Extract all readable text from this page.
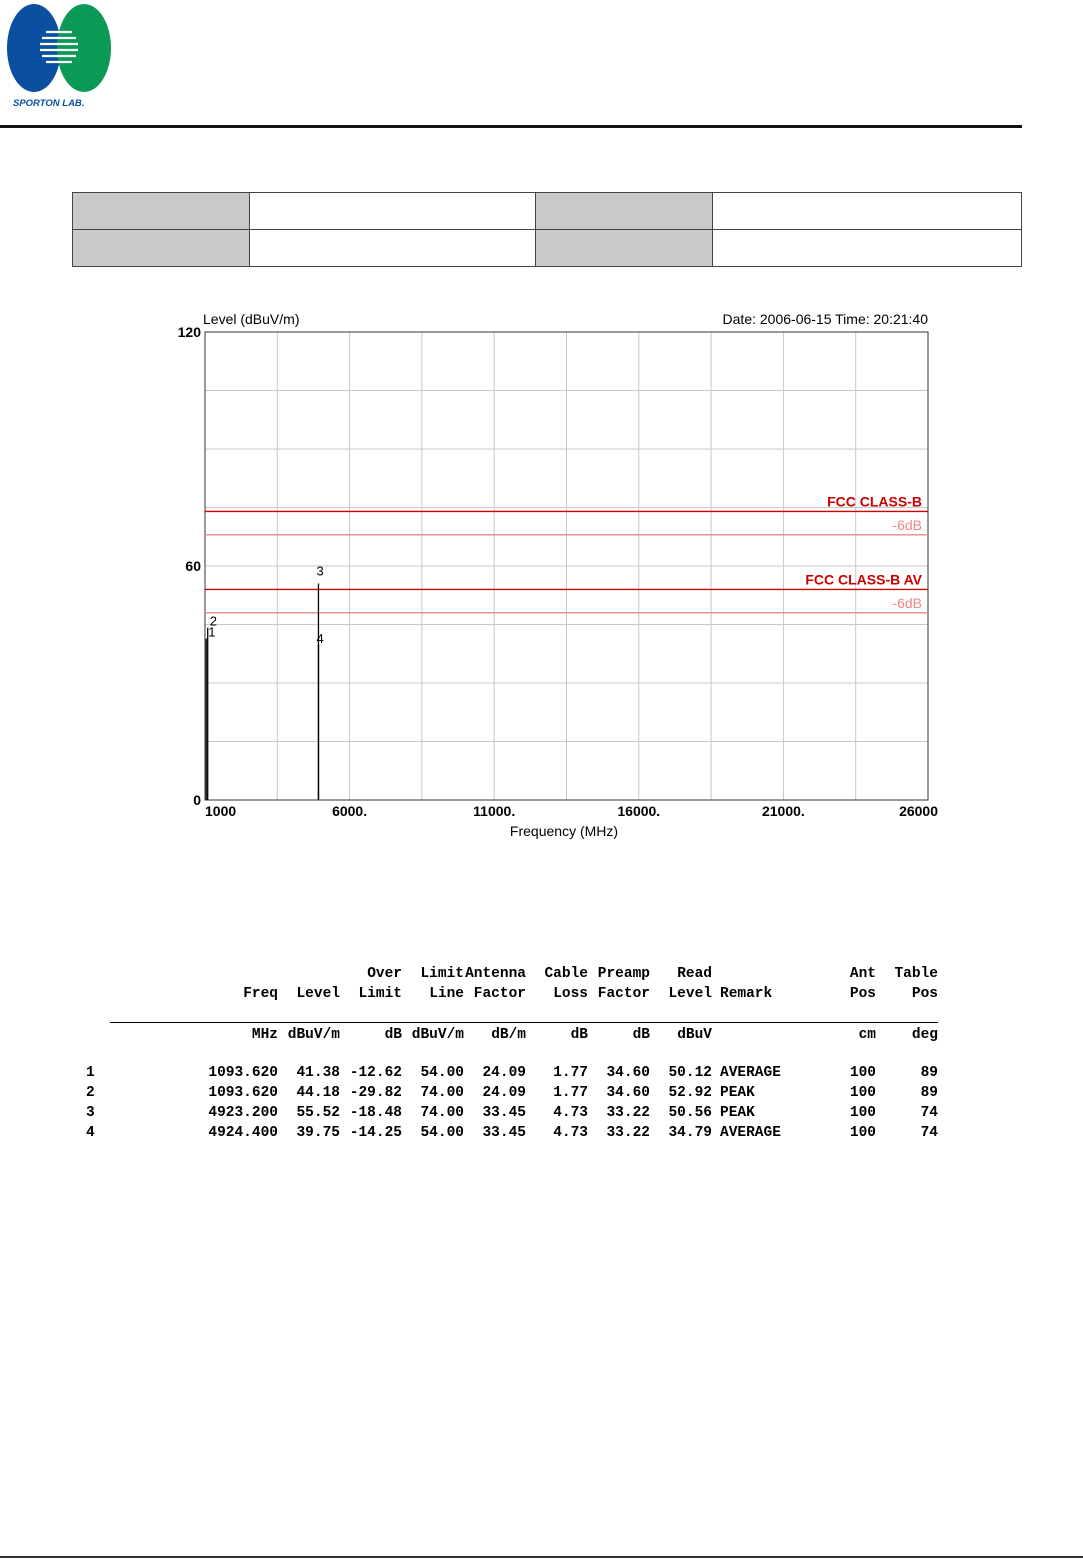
SPORTON LAB.

FCC CLASS-B
-6dB
FCC CLASS-B AV
-6dB
1
2
3
4
1000	6000.	11000.	16000.	21000.	26000
0
60
120
Level (dBuV/m)	Date: 2006-06-15 Time: 20:21:40
Frequency (MHz)
			Over	Limit	Antenna	Cable	Preamp	Read		Ant	Table
	Freq	Level	Limit	Line	Factor	Loss	Factor	Level	Remark	Pos	Pos

	MHz	dBuV/m	dB	dBuV/m	dB/m	dB	dB	dBuV		cm	deg

1	1093.620	41.38	-12.62	54.00	24.09	1.77	34.60	50.12	AVERAGE	100	89
2	1093.620	44.18	-29.82	74.00	24.09	1.77	34.60	52.92	PEAK	100	89
3	4923.200	55.52	-18.48	74.00	33.45	4.73	33.22	50.56	PEAK	100	74
4	4924.400	39.75	-14.25	54.00	33.45	4.73	33.22	34.79	AVERAGE	100	74
